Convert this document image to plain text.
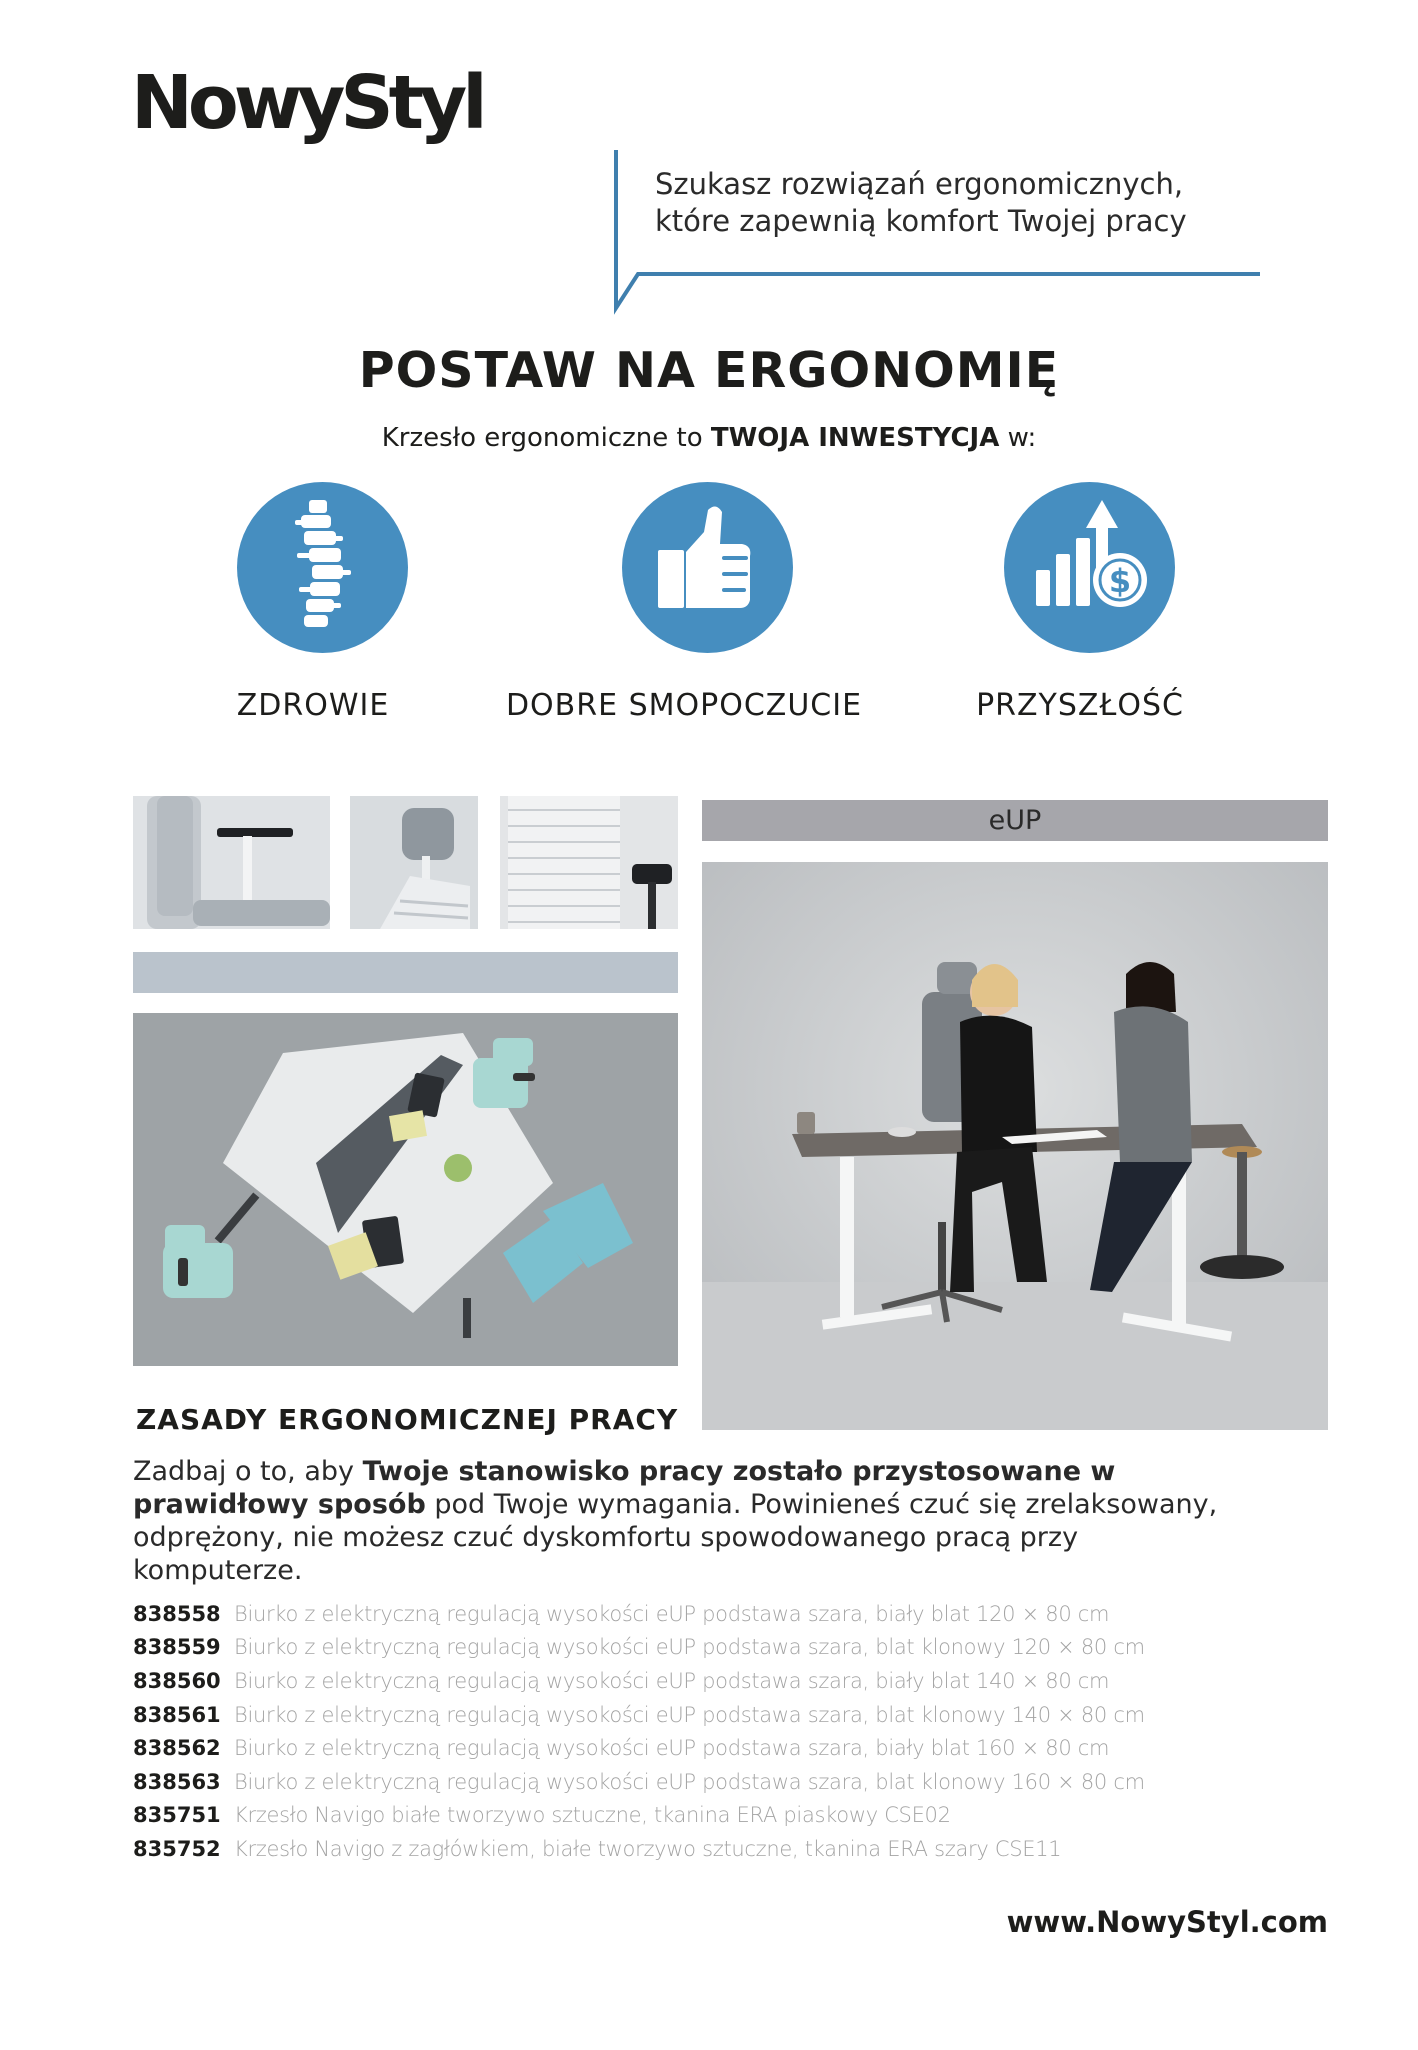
NowyStyl
Szukasz rozwiązań ergonomicznych,
które zapewnią komfort Twojej pracy
POSTAW NA ERGONOMIĘ
Krzesło ergonomiczne to TWOJA INWESTYCJA w:
ZDROWIE	DOBRE SMOPOCZUCIE
$
PRZYSZŁOŚĆ
eUP
ZASADY ERGONOMICZNEJ PRACY
Zadbaj o to, aby Twoje stanowisko pracy zostało przystosowane w prawidłowy sposób pod Twoje wymagania. Powinieneś czuć się zrelaksowany, odprężony, nie możesz czuć dyskomfortu spowodowanego pracą przy komputerze.
838558 Biurko z elektryczną regulacją wysokości eUP podstawa szara, biały blat 120 × 80 cm
838559 Biurko z elektryczną regulacją wysokości eUP podstawa szara, blat klonowy 120 × 80 cm
838560 Biurko z elektryczną regulacją wysokości eUP podstawa szara, biały blat 140 × 80 cm
838561 Biurko z elektryczną regulacją wysokości eUP podstawa szara, blat klonowy 140 × 80 cm
838562 Biurko z elektryczną regulacją wysokości eUP podstawa szara, biały blat 160 × 80 cm
838563 Biurko z elektryczną regulacją wysokości eUP podstawa szara, blat klonowy 160 × 80 cm
835751 Krzesło Navigo białe tworzywo sztuczne, tkanina ERA piaskowy CSE02
835752 Krzesło Navigo z zagłówkiem, białe tworzywo sztuczne, tkanina ERA szary CSE11
www.NowyStyl.com
